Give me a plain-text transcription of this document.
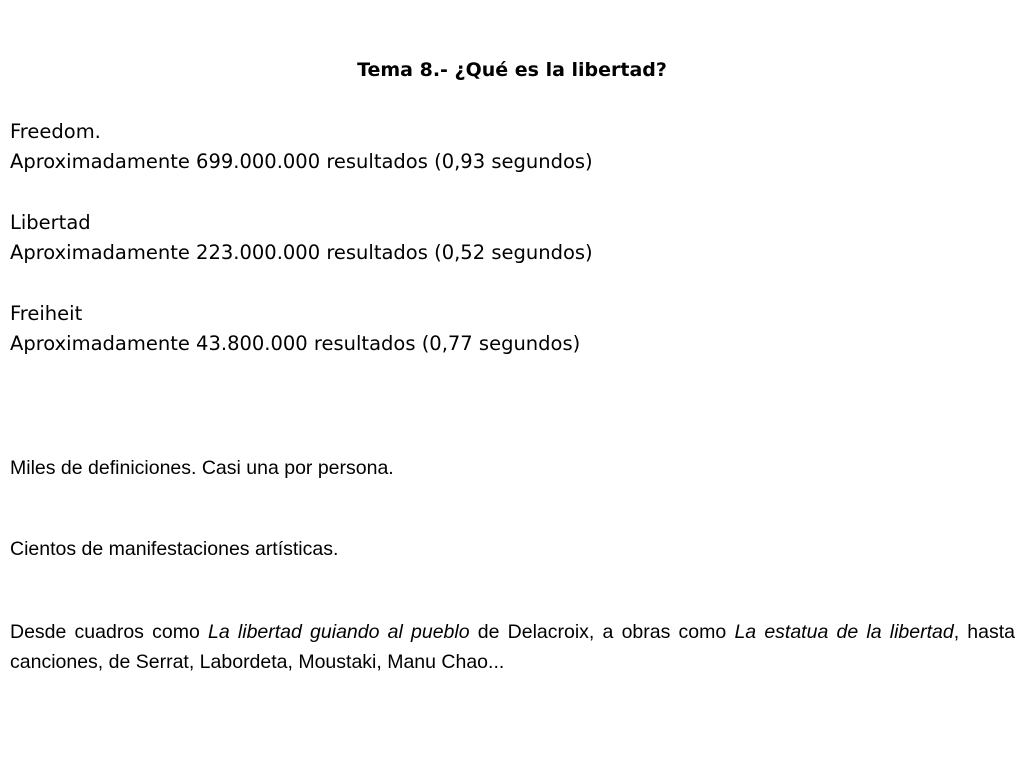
Tema 8.- ¿Qué es la libertad?
Freedom.
Aproximadamente 699.000.000 resultados (0,93 segundos)
Libertad
Aproximadamente 223.000.000 resultados (0,52 segundos)
Freiheit
Aproximadamente 43.800.000 resultados (0,77 segundos)

Miles de definiciones. Casi una por persona.

Cientos de manifestaciones artísticas.

Desde cuadros como La libertad guiando al pueblo de Delacroix, a obras como La estatua de la libertad, hasta canciones, de Serrat, Labordeta, Moustaki, Manu Chao...
